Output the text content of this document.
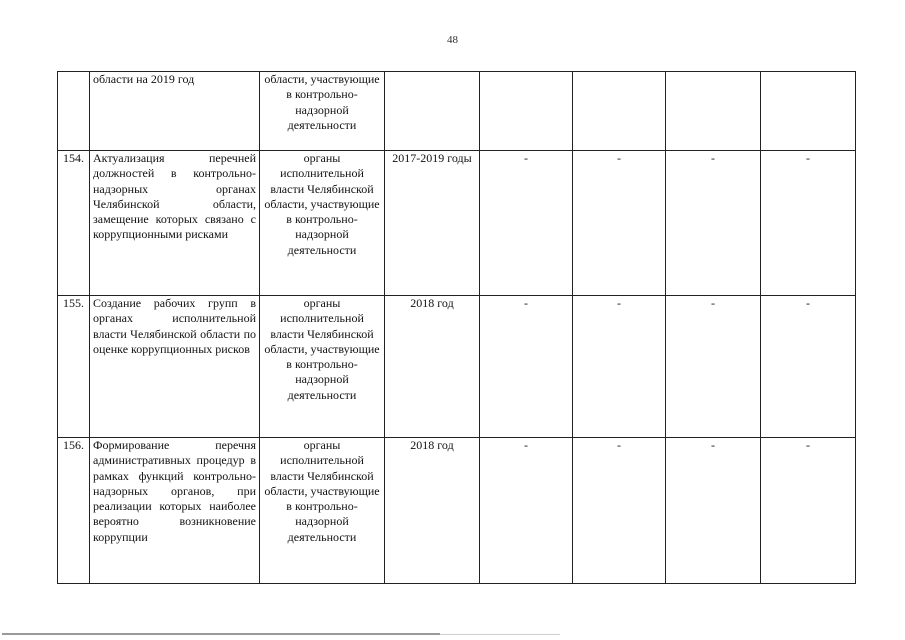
48
	области на 2019 год	области, участвующие в контрольно-надзорной деятельности					
154.	Актуализация перечней должностей в контрольно-надзорных органах Челябинской области, замещение которых связано с коррупционными рисками	органы исполнительной власти Челябинской области, участвующие в контрольно-надзорной деятельности	2017-2019 годы	-	-	-	-
155.	Создание рабочих групп в органах исполнительной власти Челябинской области по оценке коррупционных рисков	органы исполнительной власти Челябинской области, участвующие в контрольно-надзорной деятельности	2018 год	-	-	-	-
156.	Формирование перечня административных процедур в рамках функций контрольно-надзорных органов, при реализации которых наиболее вероятно возникновение коррупции	органы исполнительной власти Челябинской области, участвующие в контрольно-надзорной деятельности	2018 год	-	-	-	-
